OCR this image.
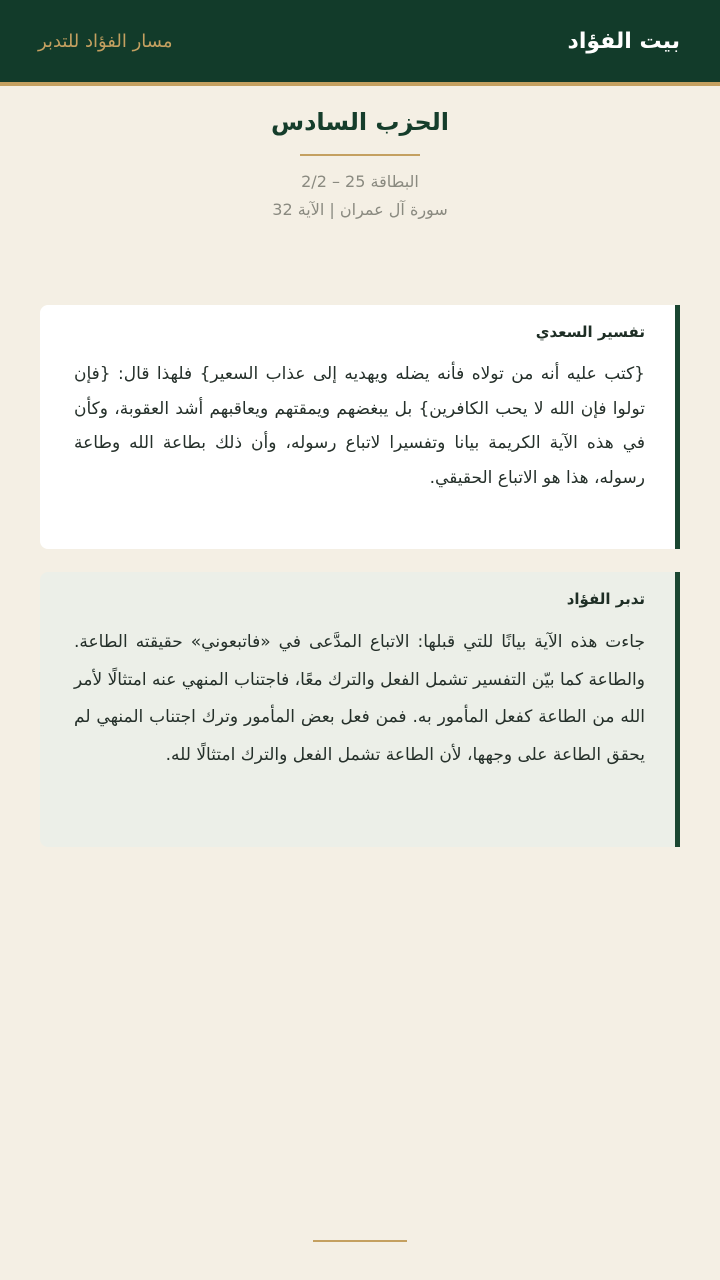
بيت الفؤاد
مسار الفؤاد للتدبر
الحزب السادس
البطاقة 25 – 2/2
سورة آل عمران | الآية 32
تفسير السعدي
{كتب عليه أنه من تولاه فأنه يضله ويهديه إلى عذاب السعير} فلهذا قال: {فإن تولوا فإن الله لا يحب الكافرين} بل يبغضهم ويمقتهم ويعاقبهم أشد العقوبة، وكأن في هذه الآية الكريمة بيانا وتفسيرا لاتباع رسوله، وأن ذلك بطاعة الله وطاعة رسوله، هذا هو الاتباع الحقيقي.
تدبر الفؤاد
جاءت هذه الآية بيانًا للتي قبلها: الاتباع المدَّعى في «فاتبعوني» حقيقته الطاعة. والطاعة كما بيّن التفسير تشمل الفعل والترك معًا، فاجتناب المنهي عنه امتثالًا لأمر الله من الطاعة كفعل المأمور به. فمن فعل بعض المأمور وترك اجتناب المنهي لم يحقق الطاعة على وجهها، لأن الطاعة تشمل الفعل والترك امتثالًا لله.
